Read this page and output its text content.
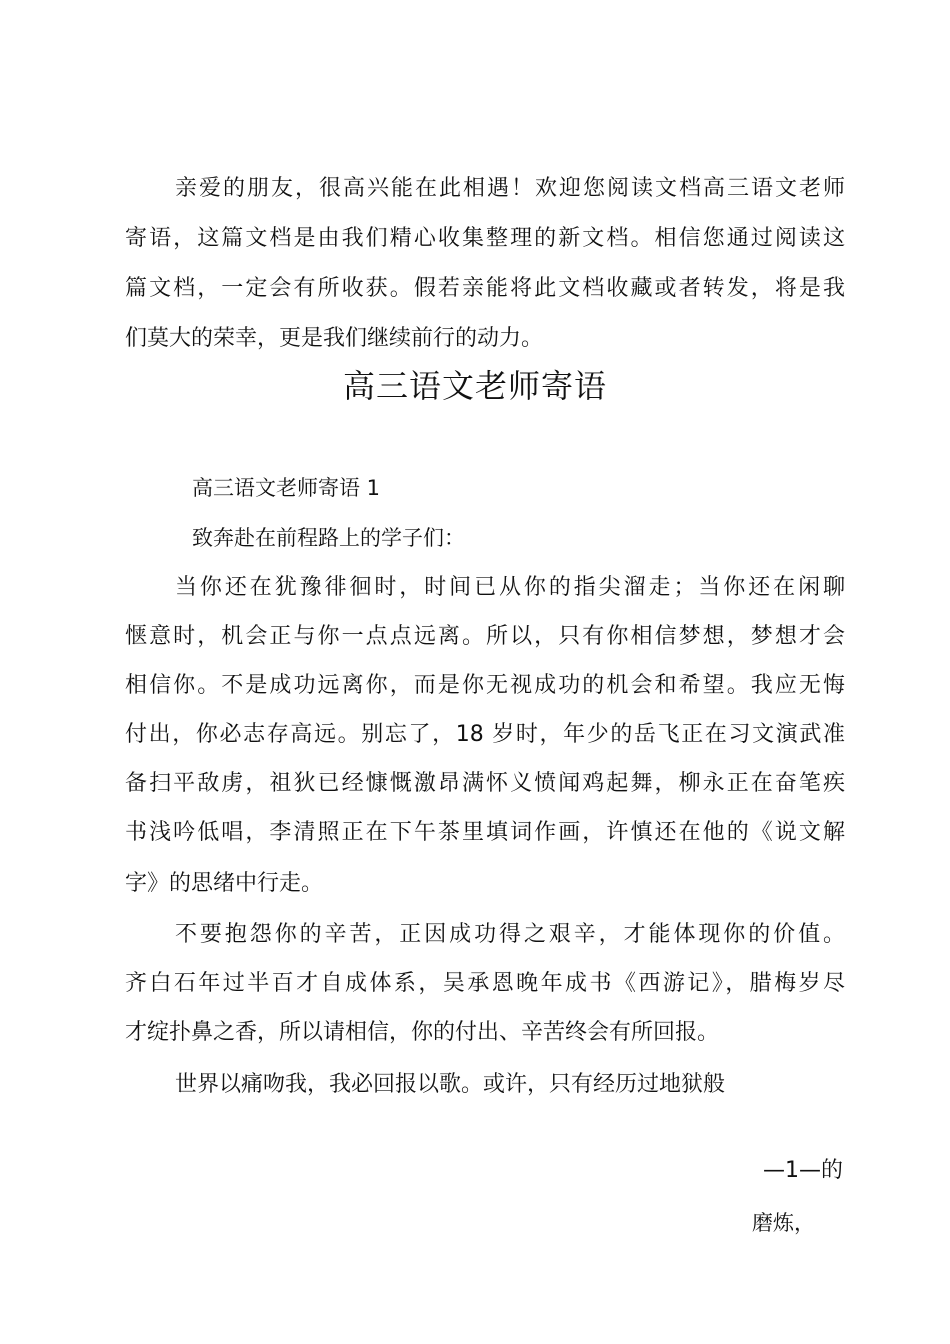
亲爱的朋友，很高兴能在此相遇！欢迎您阅读文档高三语文老师
寄语，这篇文档是由我们精心收集整理的新文档。相信您通过阅读这
篇文档，一定会有所收获。假若亲能将此文档收藏或者转发，将是我
们莫大的荣幸，更是我们继续前行的动力。
高三语文老师寄语
高三语文老师寄语 1
致奔赴在前程路上的学子们：
当你还在犹豫徘徊时，时间已从你的指尖溜走；当你还在闲聊
惬意时，机会正与你一点点远离。所以，只有你相信梦想，梦想才会
相信你。不是成功远离你，而是你无视成功的机会和希望。我应无悔
付出，你必志存高远。别忘了，18 岁时，年少的岳飞正在习文演武准
备扫平敌虏，祖狄已经慷慨激昂满怀义愤闻鸡起舞，柳永正在奋笔疾
书浅吟低唱，李清照正在下午茶里填词作画，许慎还在他的《说文解
字》的思绪中行走。
不要抱怨你的辛苦，正因成功得之艰辛，才能体现你的价值。
齐白石年过半百才自成体系，吴承恩晚年成书《西游记》，腊梅岁尽
才绽扑鼻之香，所以请相信，你的付出、辛苦终会有所回报。
世界以痛吻我，我必回报以歌。或许，只有经历过地狱般
—1—的
磨炼，
